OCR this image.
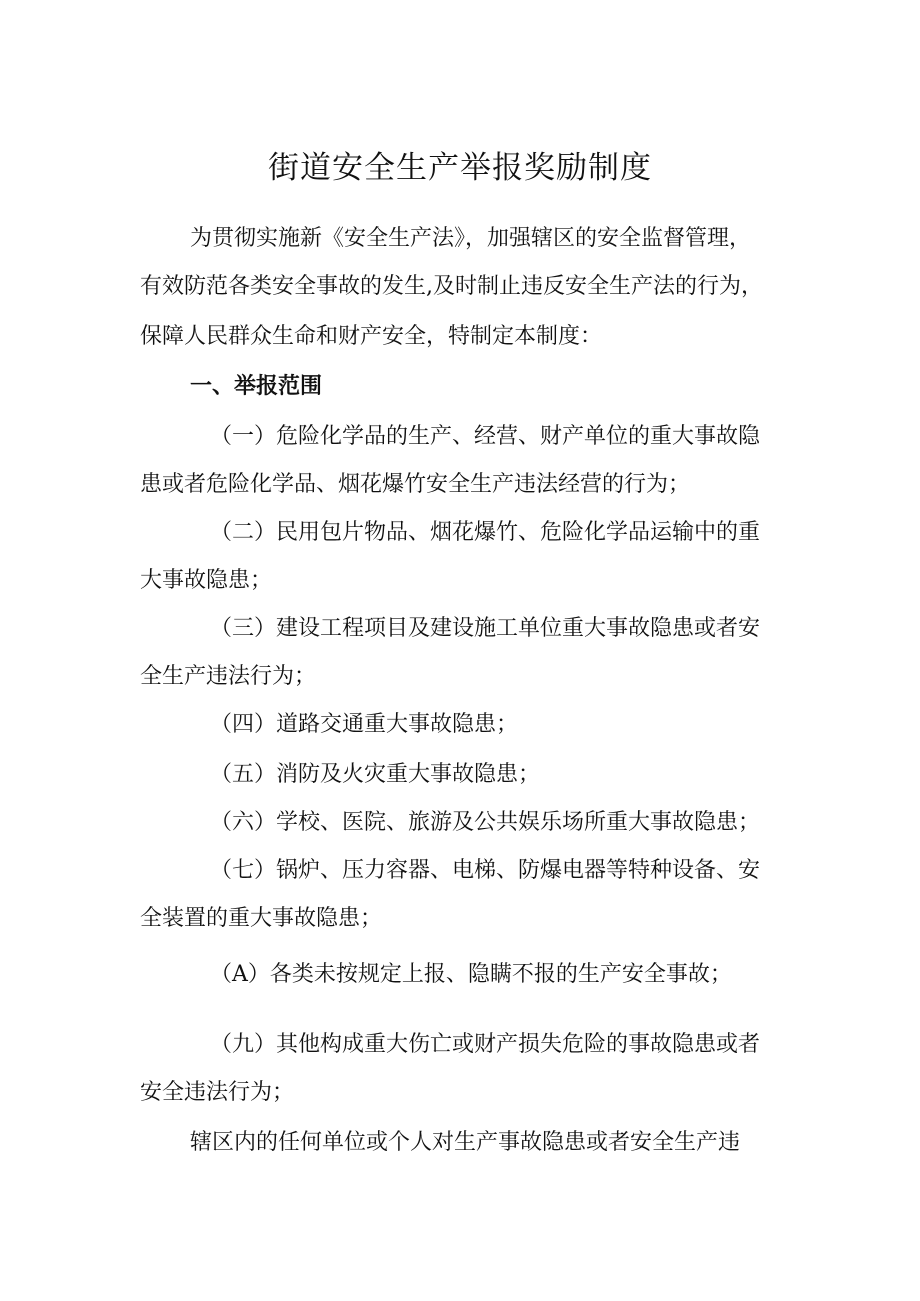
街道安全生产举报奖励制度
为贯彻实施新《安全生产法》，加强辖区的安全监督管理，
有效防范各类安全事故的发生,及时制止违反安全生产法的行为，
保障人民群众生命和财产安全，特制定本制度：
一、举报范围
（一）危险化学品的生产、经营、财产单位的重大事故隐
患或者危险化学品、烟花爆竹安全生产违法经营的行为；
（二）民用包片物品、烟花爆竹、危险化学品运输中的重
大事故隐患；
（三）建设工程项目及建设施工单位重大事故隐患或者安
全生产违法行为；
（四）道路交通重大事故隐患；
（五）消防及火灾重大事故隐患；
（六）学校、医院、旅游及公共娱乐场所重大事故隐患；
（七）锅炉、压力容器、电梯、防爆电器等特种设备、安
全装置的重大事故隐患；
（A）各类未按规定上报、隐瞒不报的生产安全事故；
（九）其他构成重大伤亡或财产损失危险的事故隐患或者
安全违法行为；
辖区内的任何单位或个人对生产事故隐患或者安全生产违
